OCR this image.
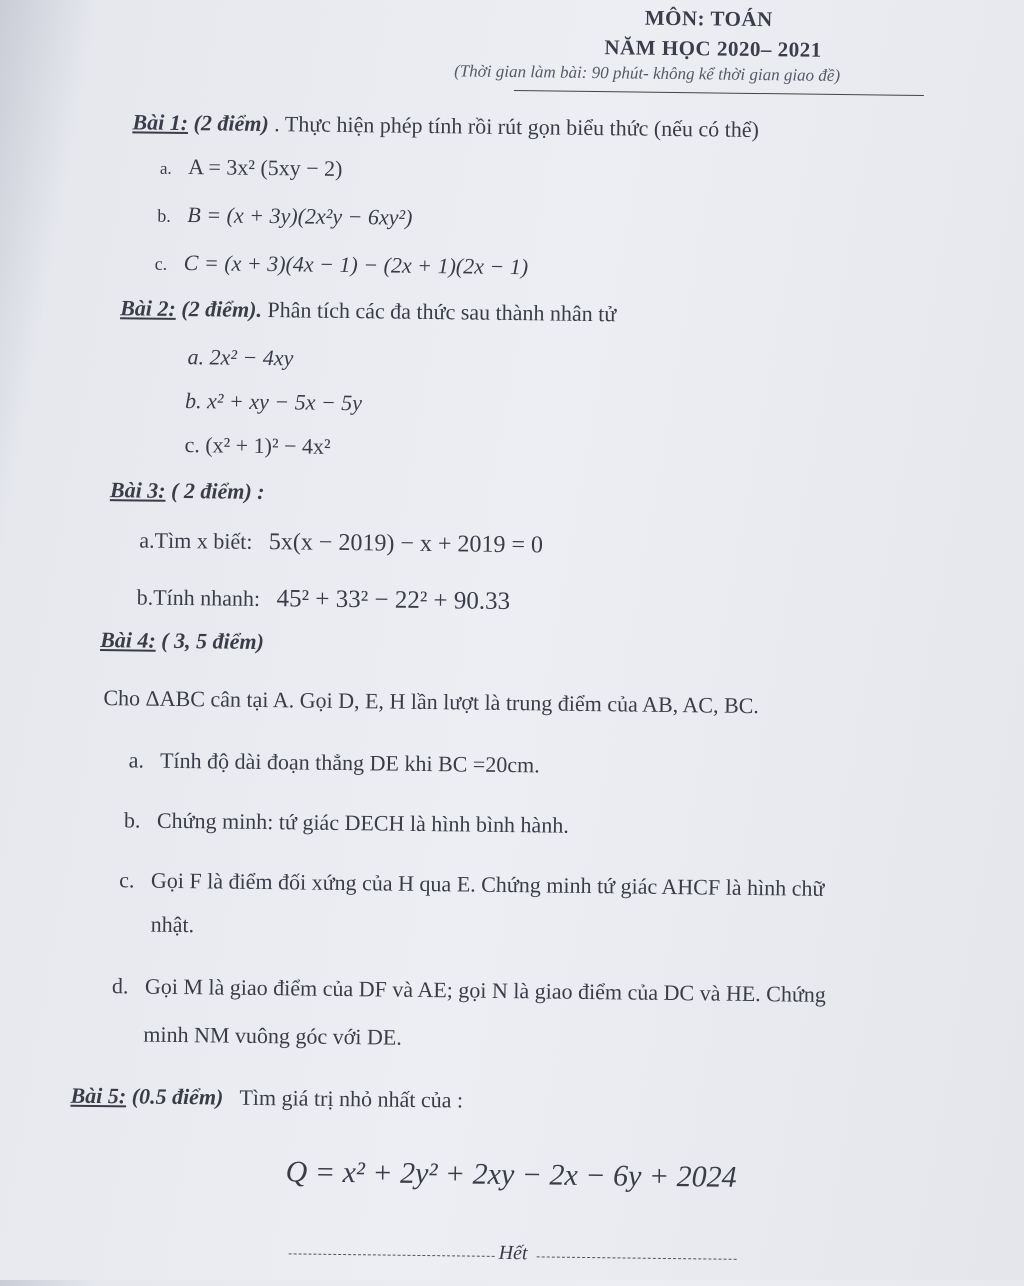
MÔN: TOÁN
NĂM HỌC 2020– 2021
(Thời gian làm bài: 90 phút- không kể thời gian giao đề)
Bài 1: (2 điểm) . Thực hiện phép tính rồi rút gọn biểu thức (nếu có thể)
a. A = 3x² (5xy − 2)
b. B = (x + 3y)(2x²y − 6xy²)
c. C = (x + 3)(4x − 1) − (2x + 1)(2x − 1)
Bài 2: (2 điểm). Phân tích các đa thức sau thành nhân tử
a. 2x² − 4xy
b. x² + xy − 5x − 5y
c. (x² + 1)² − 4x²
Bài 3: ( 2 điểm) :
a.Tìm x biết: 5x(x − 2019) − x + 2019 = 0
b.Tính nhanh: 45² + 33² − 22² + 90.33
Bài 4: ( 3, 5 điểm)
Cho ΔABC cân tại A. Gọi D, E, H lần lượt là trung điểm của AB, AC, BC.
a. Tính độ dài đoạn thẳng DE khi BC =20cm.
b. Chứng minh: tứ giác DECH là hình bình hành.
c. Gọi F là điểm đối xứng của H qua E. Chứng minh tứ giác AHCF là hình chữ
nhật.
d. Gọi M là giao điểm của DF và AE; gọi N là giao điểm của DC và HE. Chứng
minh NM vuông góc với DE.
Bài 5: (0.5 điểm) Tìm giá trị nhỏ nhất của :
Q = x² + 2y² + 2xy − 2x − 6y + 2024
Hết
